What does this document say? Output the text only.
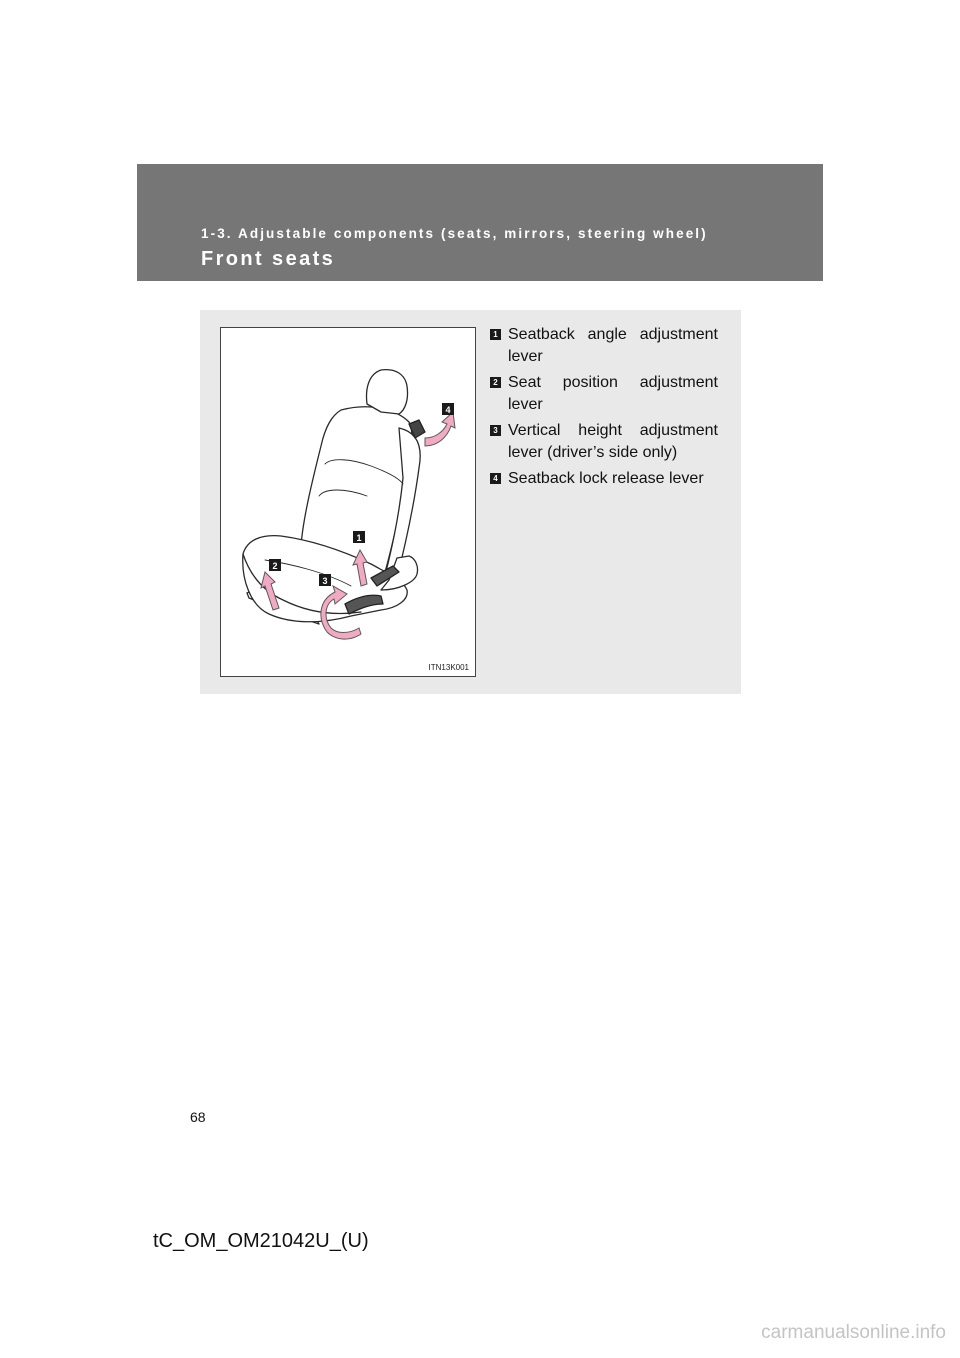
1-3. Adjustable components (seats, mirrors, steering wheel)
Front seats
1
2
3
4
ITN13K001
1 Seatback angle adjustment lever
2 Seat position adjustment lever
3 Vertical height adjustment lever (driver’s side only)
4 Seatback lock release lever
68
tC_OM_OM21042U_(U)
carmanualsonline.info
